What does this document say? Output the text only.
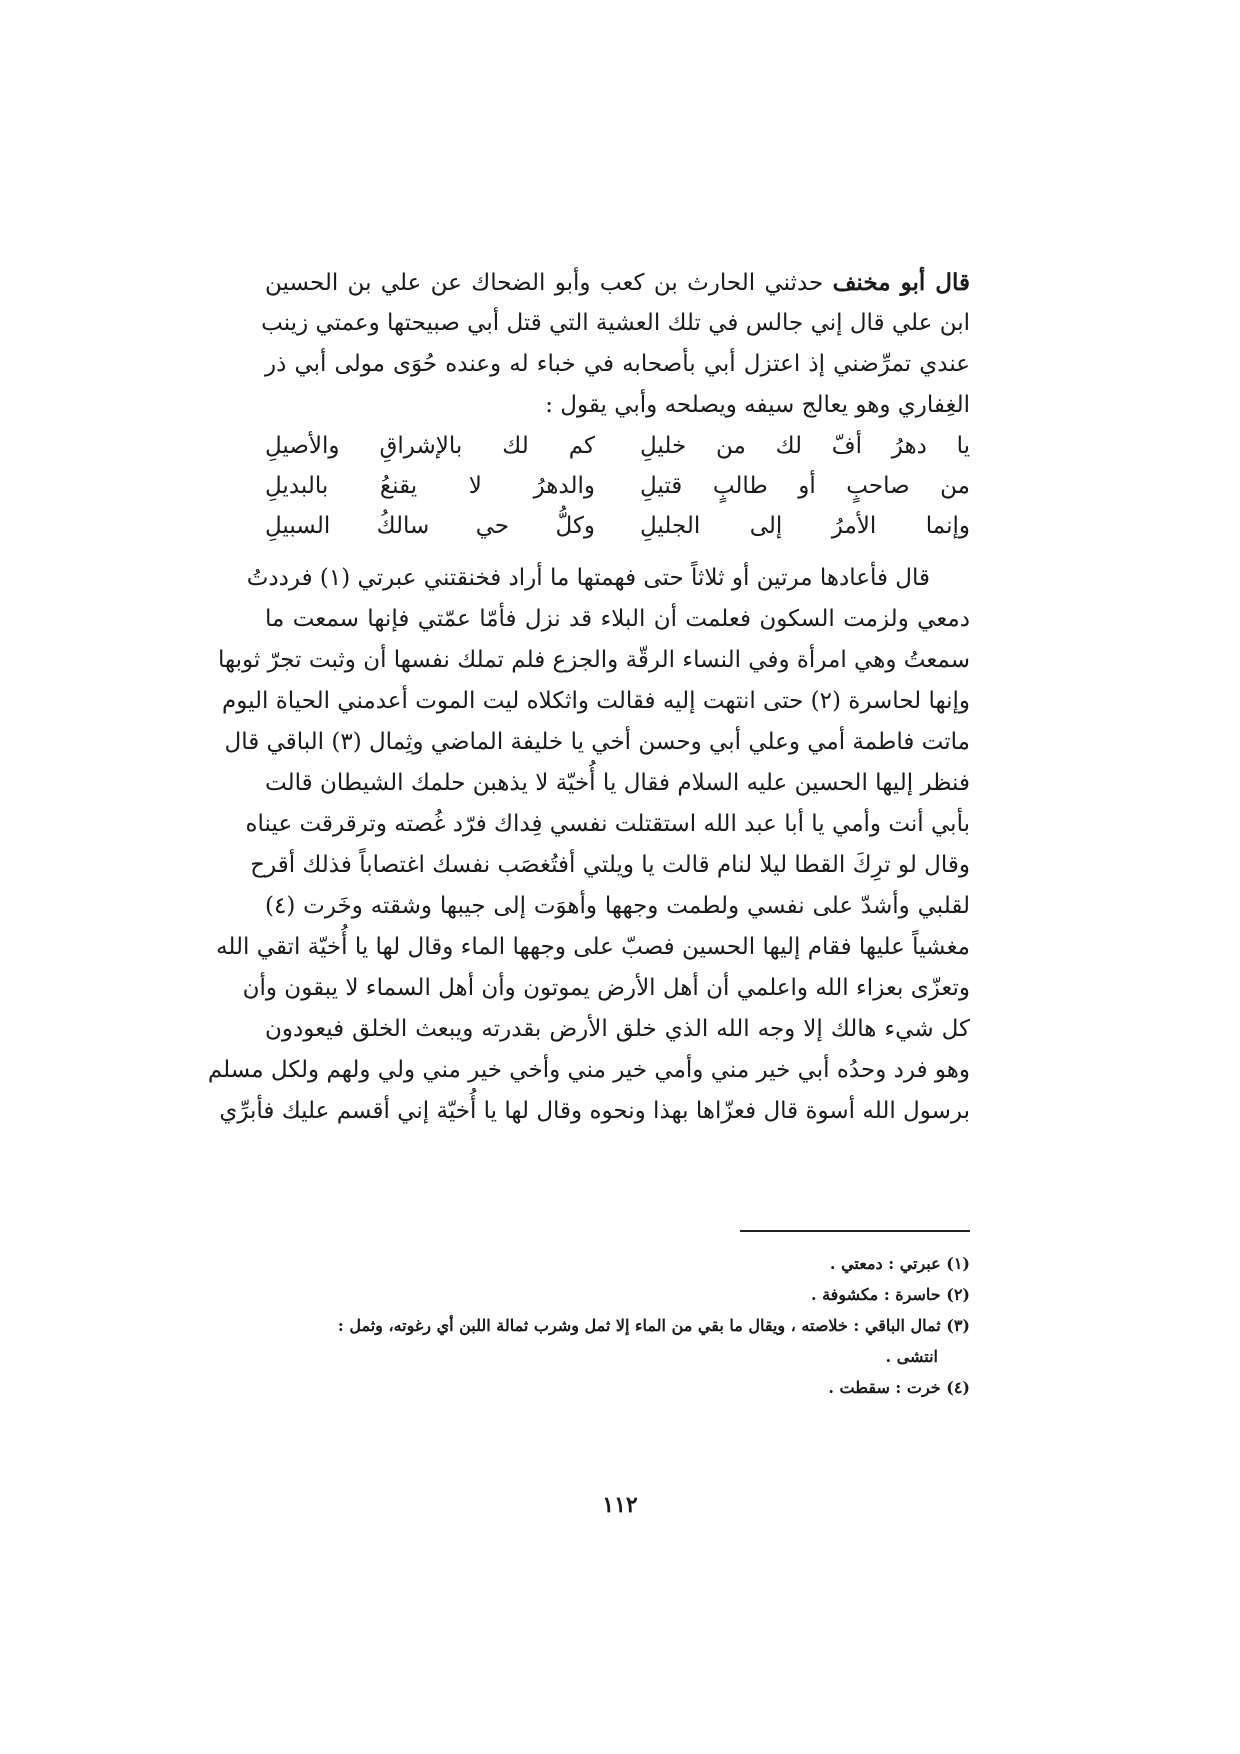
قال أبو مخنف حدثني الحارث بن كعب وأبو الضحاك عن علي بن الحسين
ابن علي قال إني جالس في تلك العشية التي قتل أبي صبيحتها وعمتي زينب
عندي تمرِّضني إذ اعتزل أبي بأصحابه في خباء له وعنده حُوَى مولى أبي ذر
الغِفاري وهو يعالج سيفه ويصلحه وأبي يقول :
يا دهرُ أفّ لك من خليلِ
كم لك بالإشراقِ والأصيلِ
من صاحبٍ أو طالبٍ قتيلِ
والدهرُ لا يقنعُ بالبديلِ
وإنما الأمرُ إلى الجليلِ
وكلُّ حي سالكُ السبيلِ
قال فأعادها مرتين أو ثلاثاً حتى فهمتها ما أراد فخنقتني عبرتي (١) فرددتُ
دمعي ولزمت السكون فعلمت أن البلاء قد نزل فأمّا عمّتي فإنها سمعت ما
سمعتُ وهي امرأة وفي النساء الرقّة والجزع فلم تملك نفسها أن وثبت تجرّ ثوبها
وإنها لحاسرة (٢) حتى انتهت إليه فقالت واثكلاه ليت الموت أعدمني الحياة اليوم
ماتت فاطمة أمي وعلي أبي وحسن أخي يا خليفة الماضي وثِمال (٣) الباقي قال
فنظر إليها الحسين عليه السلام فقال يا أُخيّة لا يذهبن حلمك الشيطان قالت
بأبي أنت وأمي يا أبا عبد الله استقتلت نفسي فِداك فرّد غُصته وترقرقت عيناه
وقال لو ترِكَ القطا ليلا لنام قالت يا ويلتي أفتُغصَب نفسك اغتصاباً فذلك أقرح
لقلبي وأشدّ على نفسي ولطمت وجهها وأهوَت إلى جيبها وشقته وخَرت (٤)
مغشياً عليها فقام إليها الحسين فصبّ على وجهها الماء وقال لها يا أُخيّة اتقي الله
وتعزّى بعزاء الله واعلمي أن أهل الأرض يموتون وأن أهل السماء لا يبقون وأن
كل شيء هالك إلا وجه الله الذي خلق الأرض بقدرته ويبعث الخلق فيعودون
وهو فرد وحدُه أبي خير مني وأمي خير مني وأخي خير مني ولي ولهم ولكل مسلم
برسول الله أسوة قال فعزّاها بهذا ونحوه وقال لها يا أُخيّة إني أقسم عليك فأبرِّي
(١) عبرتي : دمعتي .
(٢) حاسرة : مكشوفة .
(٣) ثمال الباقي : خلاصته ، ويقال ما بقي من الماء إلا ثمل وشرب ثمالة اللبن أي رغوته، وثمل :
انتشى .
(٤) خرت : سقطت .
١١٢
